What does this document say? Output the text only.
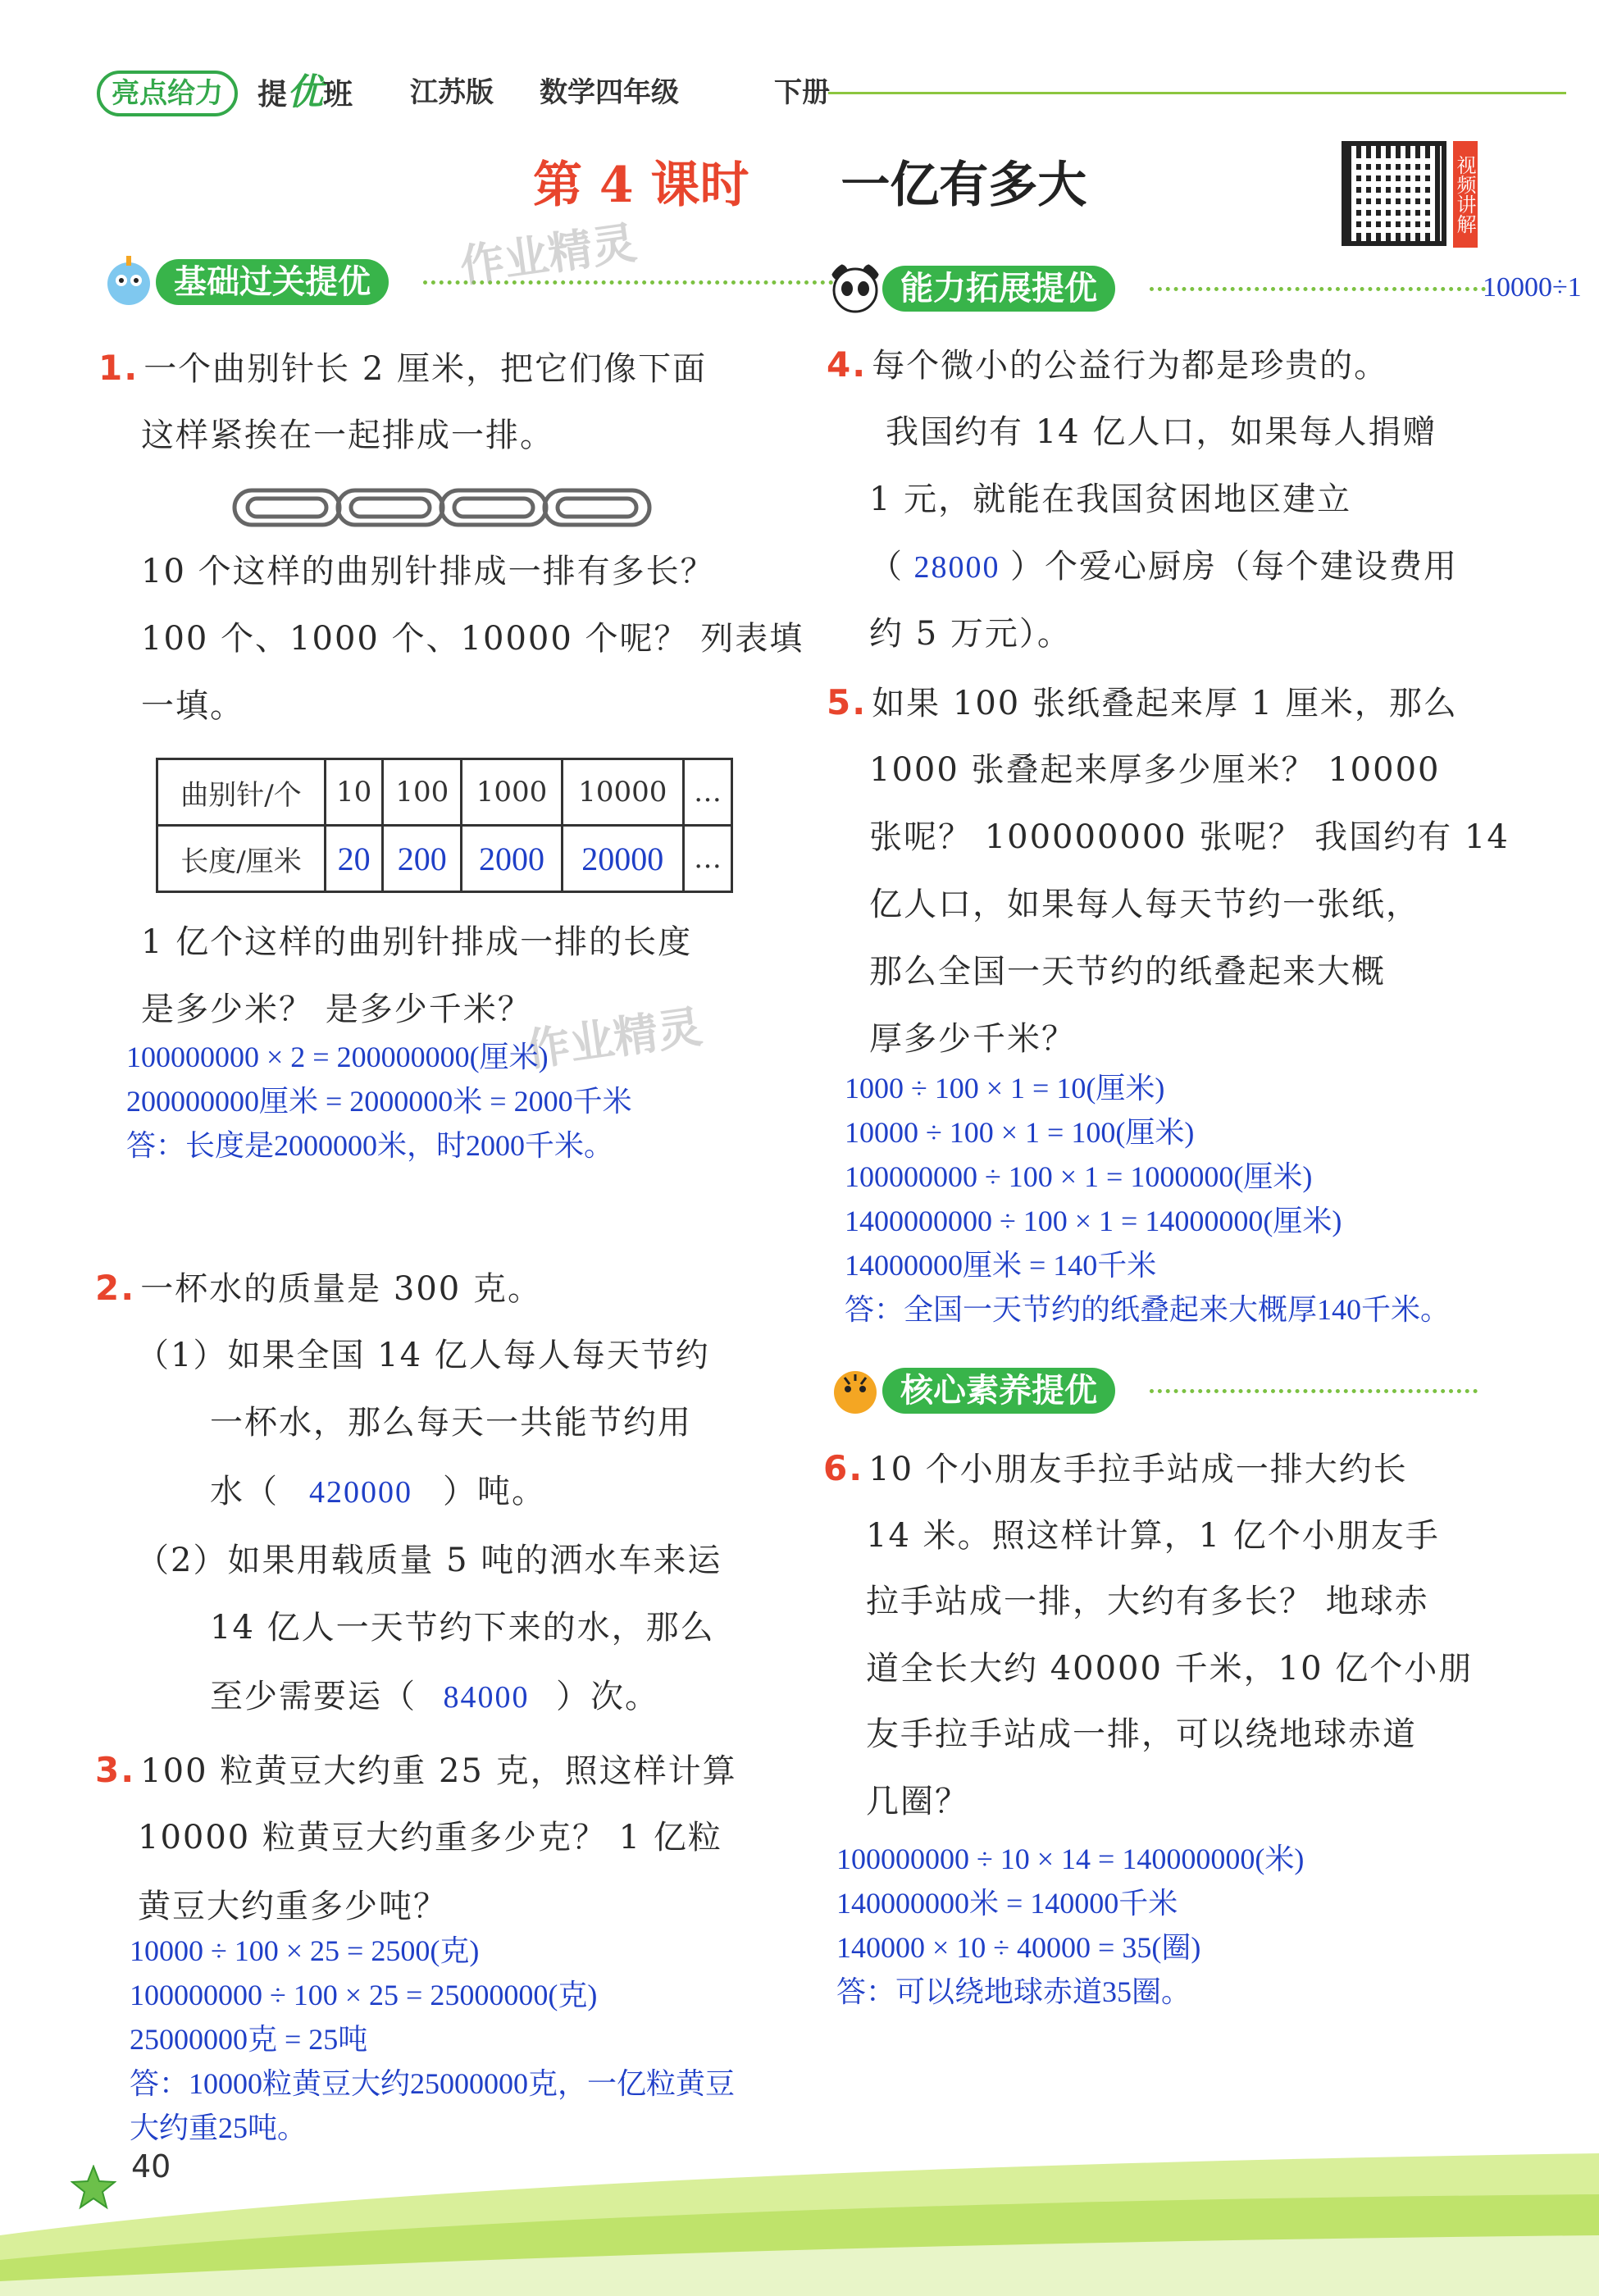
亮点给力	提优班 江苏版 数学四年级	下册
第 4 课时 一亿有多大	视频讲解
基础过关提优	作业精灵
1. 一个曲别针长 2 厘米，把它们像下面
这样紧挨在一起排成一排。
10 个这样的曲别针排成一排有多长？
100 个、1000 个、10000 个呢？ 列表填
一填。
曲别针/个	10	100	1000	10000	…
长度/厘米	20	200	2000	20000	…
1 亿个这样的曲别针排成一排的长度
是多少米？ 是多少千米？
作业精灵
100000000 × 2 = 200000000(厘米)
200000000厘米 = 2000000米 = 2000千米
答：长度是2000000米，时2000千米。
2. 一杯水的质量是 300 克。
（1）如果全国 14 亿人每人每天节约
一杯水，那么每天一共能节约用
水（ 420000 ）吨。
（2）如果用载质量 5 吨的洒水车来运
14 亿人一天节约下来的水，那么
至少需要运（ 84000 ）次。
3. 100 粒黄豆大约重 25 克，照这样计算
10000 粒黄豆大约重多少克？ 1 亿粒
黄豆大约重多少吨？
10000 ÷ 100 × 25 = 2500(克)
100000000 ÷ 100 × 25 = 25000000(克)
25000000克 = 25吨
答：10000粒黄豆大约25000000克，一亿粒黄豆
大约重25吨。
能力拓展提优	10000÷1
4. 每个微小的公益行为都是珍贵的。
我国约有 14 亿人口，如果每人捐赠
1 元，就能在我国贫困地区建立
（ 28000 ）个爱心厨房（每个建设费用
约 5 万元）。
5. 如果 100 张纸叠起来厚 1 厘米，那么
1000 张叠起来厚多少厘米？ 10000
张呢？ 100000000 张呢？ 我国约有 14
亿人口，如果每人每天节约一张纸，
那么全国一天节约的纸叠起来大概
厚多少千米？
1000 ÷ 100 × 1 = 10(厘米)
10000 ÷ 100 × 1 = 100(厘米)
100000000 ÷ 100 × 1 = 1000000(厘米)
1400000000 ÷ 100 × 1 = 14000000(厘米)
14000000厘米 = 140千米
答：全国一天节约的纸叠起来大概厚140千米。
核心素养提优
6. 10 个小朋友手拉手站成一排大约长
14 米。照这样计算，1 亿个小朋友手
拉手站成一排，大约有多长？ 地球赤
道全长大约 40000 千米，10 亿个小朋
友手拉手站成一排，可以绕地球赤道
几圈？
100000000 ÷ 10 × 14 = 140000000(米)
140000000米 = 140000千米
140000 × 10 ÷ 40000 = 35(圈)
答：可以绕地球赤道35圈。
40
